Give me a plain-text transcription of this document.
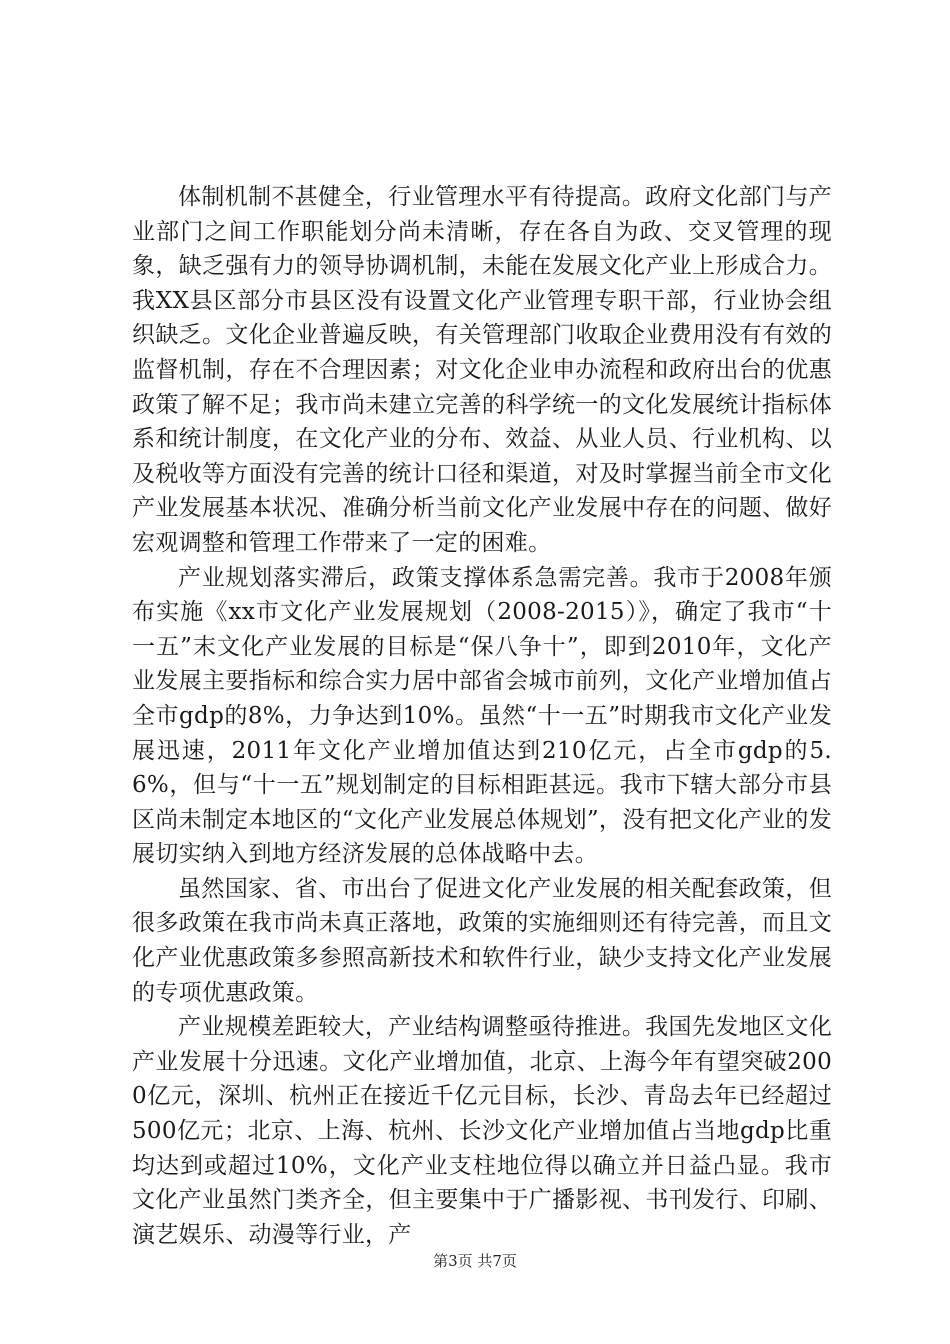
体制机制不甚健全，行业管理水平有待提高。政府文化部门与产业部门之间工作职能划分尚未清晰，存在各自为政、交叉管理的现象，缺乏强有力的领导协调机制，未能在发展文化产业上形成合力。我XX县区部分市县区没有设置文化产业管理专职干部，行业协会组织缺乏。文化企业普遍反映，有关管理部门收取企业费用没有有效的监督机制，存在不合理因素；对文化企业申办流程和政府出台的优惠政策了解不足；我市尚未建立完善的科学统一的文化发展统计指标体系和统计制度，在文化产业的分布、效益、从业人员、行业机构、以及税收等方面没有完善的统计口径和渠道，对及时掌握当前全市文化产业发展基本状况、准确分析当前文化产业发展中存在的问题、做好宏观调整和管理工作带来了一定的困难。

产业规划落实滞后，政策支撑体系急需完善。我市于2008年颁布实施《xx市文化产业发展规划（2008-2015）》，确定了我市“十一五”末文化产业发展的目标是“保八争十”，即到2010年，文化产业发展主要指标和综合实力居中部省会城市前列，文化产业增加值占全市gdp的8%，力争达到10%。虽然“十一五”时期我市文化产业发展迅速，2011年文化产业增加值达到210亿元，占全市gdp的5.6%，但与“十一五”规划制定的目标相距甚远。我市下辖大部分市县区尚未制定本地区的“文化产业发展总体规划”，没有把文化产业的发展切实纳入到地方经济发展的总体战略中去。

虽然国家、省、市出台了促进文化产业发展的相关配套政策，但很多政策在我市尚未真正落地，政策的实施细则还有待完善，而且文化产业优惠政策多参照高新技术和软件行业，缺少支持文化产业发展的专项优惠政策。

产业规模差距较大，产业结构调整亟待推进。我国先发地区文化产业发展十分迅速。文化产业增加值，北京、上海今年有望突破2000亿元，深圳、杭州正在接近千亿元目标，长沙、青岛去年已经超过500亿元；北京、上海、杭州、长沙文化产业增加值占当地gdp比重均达到或超过10%，文化产业支柱地位得以确立并日益凸显。我市文化产业虽然门类齐全，但主要集中于广播影视、书刊发行、印刷、演艺娱乐、动漫等行业，产

第3页 共7页
